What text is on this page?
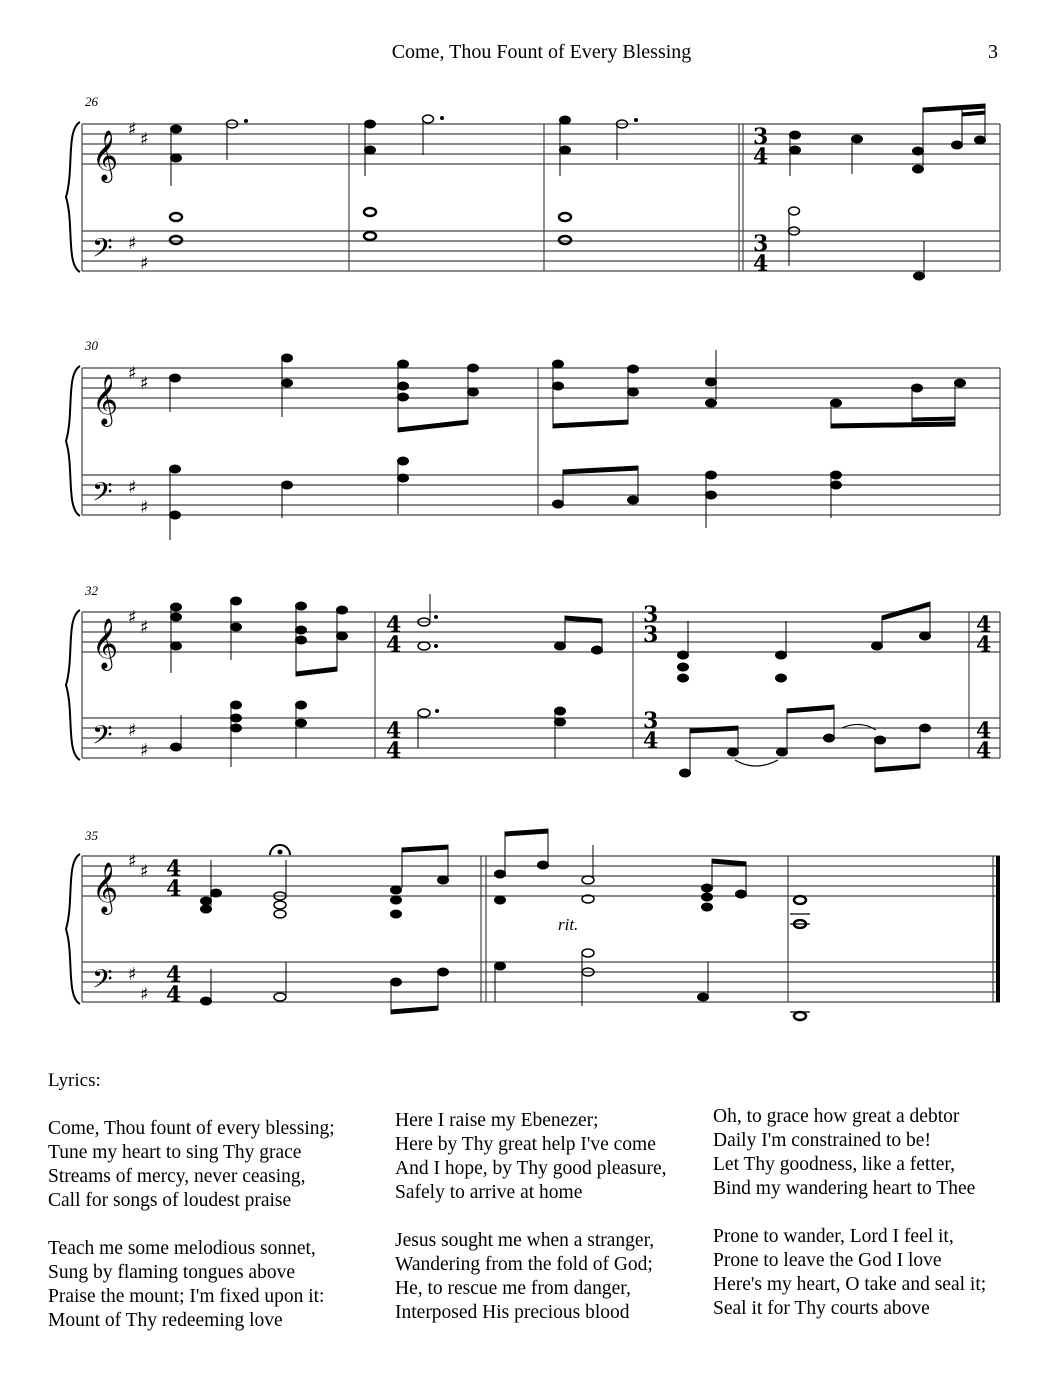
Come, Thou Fount of Every Blessing	3
26
𝄞
𝄢
♯ ♯
♯
♯
3
4
3
4
30
𝄞
𝄢
♯ ♯
♯
♯
32
𝄞
𝄢
♯ ♯
♯
♯
4
4
4
4
3
3
3
4
4
4
4
4
35
rit.
𝄞
𝄢
♯ ♯
♯
♯
4
4
4
4
Lyrics:
Come, Thou fount of every blessing;
Tune my heart to sing Thy grace
Streams of mercy, never ceasing,
Call for songs of loudest praise
Teach me some melodious sonnet,
Sung by flaming tongues above
Praise the mount; I'm fixed upon it:
Mount of Thy redeeming love
Here I raise my Ebenezer;
Here by Thy great help I've come
And I hope, by Thy good pleasure,
Safely to arrive at home
Jesus sought me when a stranger,
Wandering from the fold of God;
He, to rescue me from danger,
Interposed His precious blood
Oh, to grace how great a debtor
Daily I'm constrained to be!
Let Thy goodness, like a fetter,
Bind my wandering heart to Thee
Prone to wander, Lord I feel it,
Prone to leave the God I love
Here's my heart, O take and seal it;
Seal it for Thy courts above
